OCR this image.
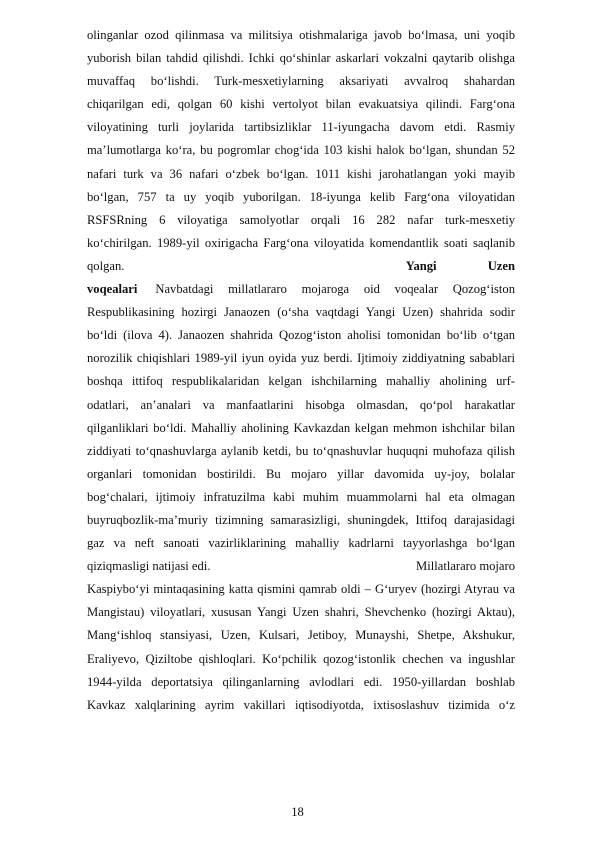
olinganlar ozod qilinmasa va militsiya otishmalariga javob bo‘lmasa, uni yoqib
yuborish bilan tahdid qilishdi. Ichki qo‘shinlar askarlari vokzalni qaytarib olishga
muvaffaq bo‘lishdi. Turk-mesxetiylarning aksariyati avvalroq shahardan
chiqarilgan edi, qolgan 60 kishi vertolyot bilan evakuatsiya qilindi. Farg‘ona
viloyatining turli joylarida tartibsizliklar 11-iyungacha davom etdi. Rasmiy
ma’lumotlarga ko‘ra, bu pogromlar chog‘ida 103 kishi halok bo‘lgan, shundan 52
nafari turk va 36 nafari o‘zbek bo‘lgan. 1011 kishi jarohatlangan yoki mayib
bo‘lgan, 757 ta uy yoqib yuborilgan. 18-iyunga kelib Farg‘ona viloyatidan
RSFSRning 6 viloyatiga samolyotlar orqali 16 282 nafar turk-mesxetiy
ko‘chirilgan. 1989-yil oxirigacha Farg‘ona viloyatida komendantlik soati saqlanib
qolgan.	Yangi Uzen
voqealari Navbatdagi millatlararo mojaroga oid voqealar Qozog‘iston
Respublikasining hozirgi Janaozen (o‘sha vaqtdagi Yangi Uzen) shahrida sodir
bo‘ldi (ilova 4). Janaozen shahrida Qozog‘iston aholisi tomonidan bo‘lib o‘tgan
norozilik chiqishlari 1989-yil iyun oyida yuz berdi. Ijtimoiy ziddiyatning sabablari
boshqa ittifoq respublikalaridan kelgan ishchilarning mahalliy aholining urf-
odatlari, an’analari va manfaatlarini hisobga olmasdan, qo‘pol harakatlar
qilganliklari bo‘ldi. Mahalliy aholining Kavkazdan kelgan mehmon ishchilar bilan
ziddiyati to‘qnashuvlarga aylanib ketdi, bu to‘qnashuvlar huquqni muhofaza qilish
organlari tomonidan bostirildi. Bu mojaro yillar davomida uy-joy, bolalar
bog‘chalari, ijtimoiy infratuzilma kabi muhim muammolarni hal eta olmagan
buyruqbozlik-ma’muriy tizimning samarasizligi, shuningdek, Ittifoq darajasidagi
gaz va neft sanoati vazirliklarining mahalliy kadrlarni tayyorlashga bo‘lgan
qiziqmasligi natijasi edi.	Millatlararo mojaro
Kaspiybo‘yi mintaqasining katta qismini qamrab oldi – G‘uryev (hozirgi Atyrau va
Mangistau) viloyatlari, xususan Yangi Uzen shahri, Shevchenko (hozirgi Aktau),
Mang‘ishloq stansiyasi, Uzen, Kulsari, Jetiboy, Munayshi, Shetpe, Akshukur,
Eraliyevo, Qiziltobe qishloqlari. Ko‘pchilik qozog‘istonlik chechen va ingushlar
1944-yilda deportatsiya qilinganlarning avlodlari edi. 1950-yillardan boshlab
Kavkaz xalqlarining ayrim vakillari iqtisodiyotda, ixtisoslashuv tizimida o‘z
18
